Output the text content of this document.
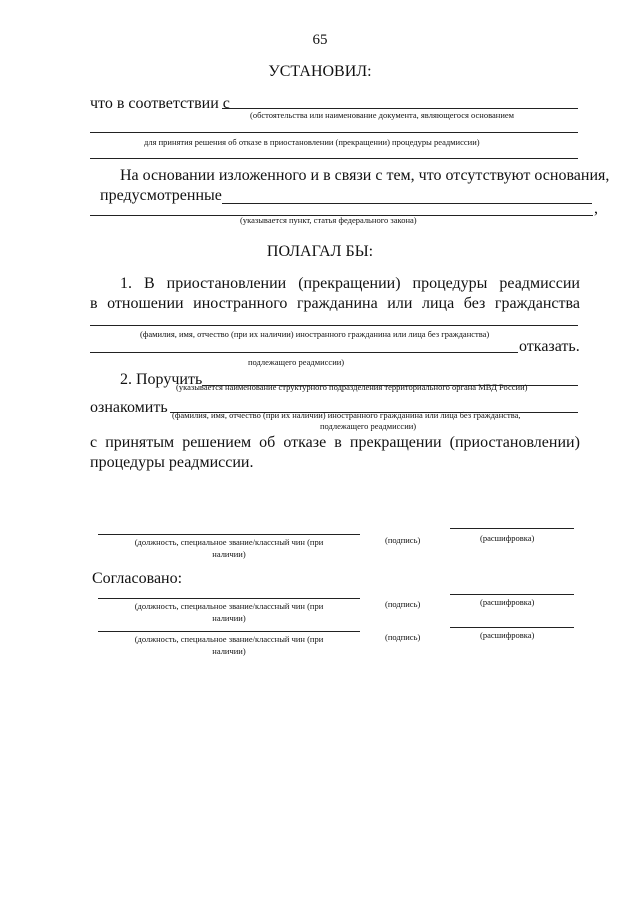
65
УСТАНОВИЛ:
что в соответствии с
(обстоятельства или наименование документа, являющегося основанием
для принятия решения об отказе в приостановлении (прекращении) процедуры реадмиссии)
На основании изложенного и в связи с тем, что отсутствуют основания,
предусмотренные
,
(указывается пункт, статья федерального закона)
ПОЛАГАЛ БЫ:
1. В приостановлении (прекращении) процедуры реадмиссии
в отношении иностранного гражданина или лица без гражданства
(фамилия, имя, отчество (при их наличии) иностранного гражданина или лица без гражданства)
отказать.
подлежащего реадмиссии)
2. Поручить
(указывается наименование структурного подразделения территориального органа МВД России)
ознакомить (фамилия, имя, отчество (при их наличии) иностранного гражданина или лица без гражданства,
подлежащего реадмиссии)
с принятым решением об отказе в прекращении (приостановлении)
процедуры реадмиссии.
(должность, специальное звание/классный чин (при
наличии)
(подпись)	(расшифровка)
Согласовано:
(должность, специальное звание/классный чин (при
наличии)
(подпись)	(расшифровка)
(должность, специальное звание/классный чин (при
наличии)
(подпись)	(расшифровка)
